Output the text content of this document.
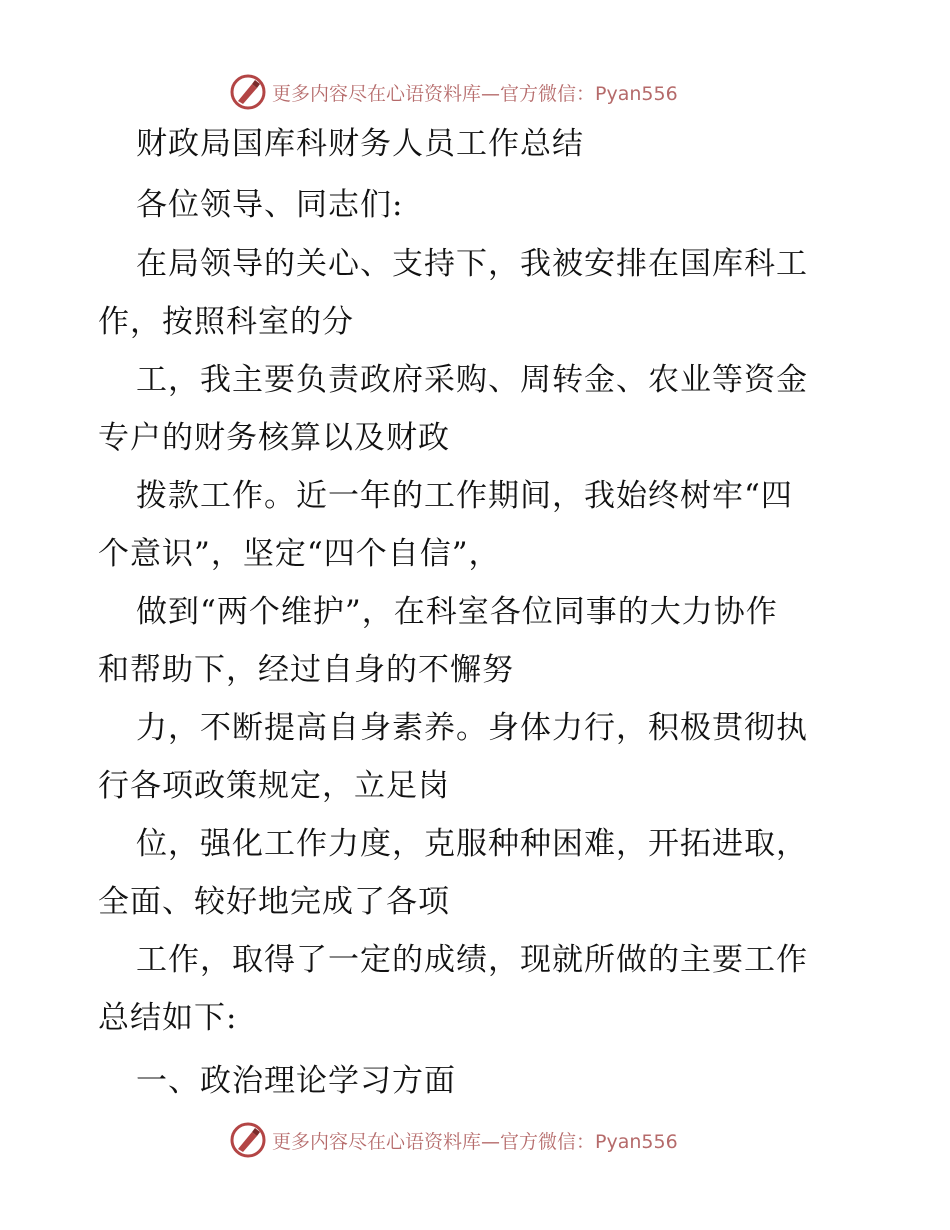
更多内容尽在心语资料库—官方微信：Pyan556
财政局国库科财务人员工作总结
各位领导、同志们:
在局领导的关心、支持下，我被安排在国库科工
作，按照科室的分
工，我主要负责政府采购、周转金、农业等资金
专户的财务核算以及财政
拨款工作。近一年的工作期间，我始终树牢“四
个意识”，坚定“四个自信”，
做到“两个维护”，在科室各位同事的大力协作
和帮助下，经过自身的不懈努
力，不断提高自身素养。身体力行，积极贯彻执
行各项政策规定，立足岗
位，强化工作力度，克服种种困难，开拓进取，
全面、较好地完成了各项
工作，取得了一定的成绩，现就所做的主要工作
总结如下:
一、政治理论学习方面
更多内容尽在心语资料库—官方微信：Pyan556
